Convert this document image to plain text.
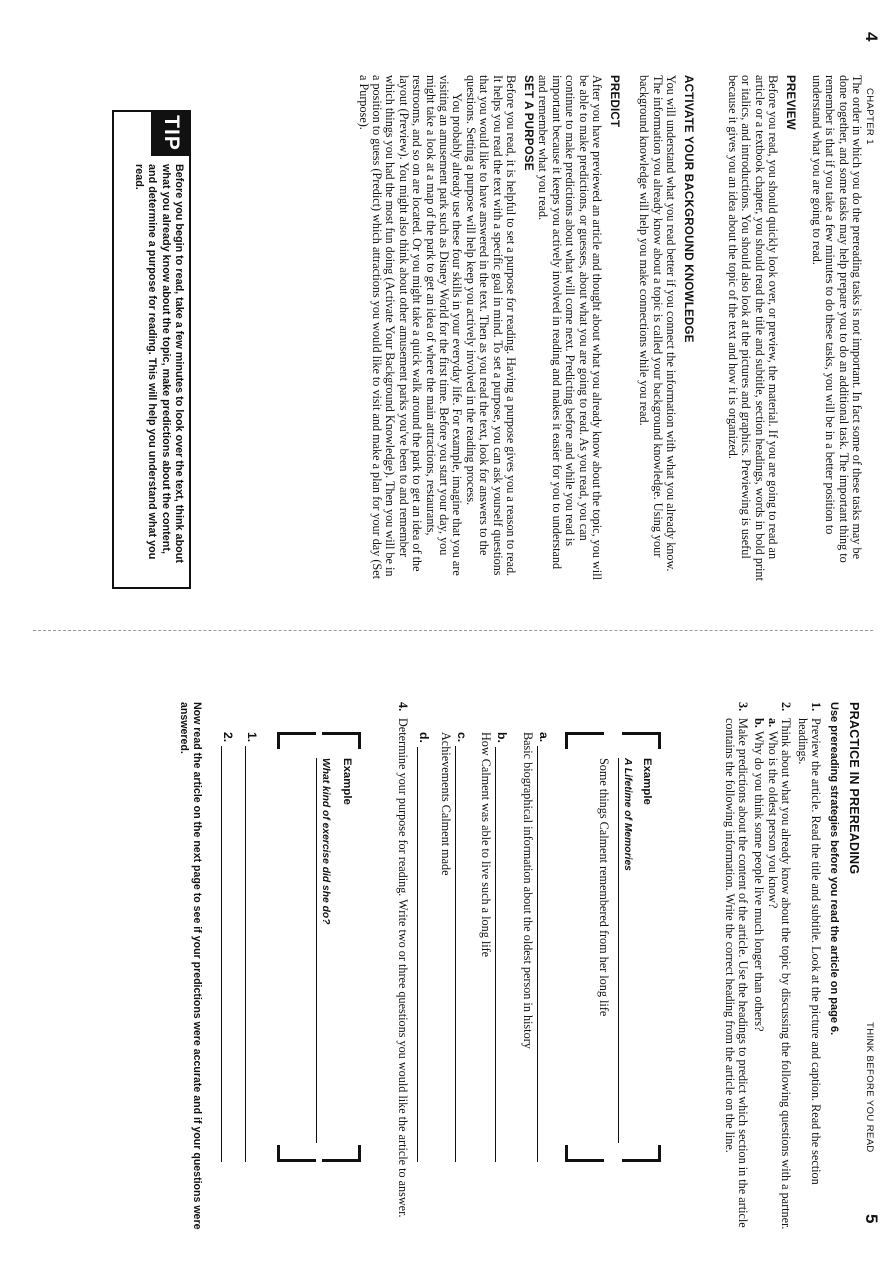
4
CHAPTER 1

The order in which you do the prereading tasks is not important. In fact some of these tasks may be done together, and some tasks may help prepare you to do an additional task. The important thing to remember is that if you take a few minutes to do these tasks, you will be in a better position to understand what you are going to read.

PREVIEW

Before you read, you should quickly look over, or preview, the material. If you are going to read an article or a textbook chapter, you should read the title and subtitle, section headings, words in bold print or italics, and introductions. You should also look at the pictures and graphics. Previewing is useful because it gives you an idea about the topic of the text and how it is organized.

ACTIVATE YOUR BACKGROUND KNOWLEDGE

You will understand what you read better if you connect the information with what you already know. The information you already know about a topic is called your background knowledge. Using your background knowledge will help you make connections while you read.

PREDICT

After you have previewed an article and thought about what you already know about the topic, you will be able to make predictions, or guesses, about what you are going to read. As you read, you can continue to make predictions about what will come next. Predicting before and while you read is important because it keeps you actively involved in reading and makes it easier for you to understand and remember what you read.

SET A PURPOSE

Before you read, it is helpful to set a purpose for reading. Having a purpose gives you a reason to read. It helps you read the text with a specific goal in mind. To set a purpose, you can ask yourself questions that you would like to have answered in the text. Then as you read the text, look for answers to the questions. Setting a purpose will help keep you actively involved in the reading process.

You probably already use these four skills in your everyday life. For example, imagine that you are visiting an amusement park such as Disney World for the first time. Before you start your day, you might take a look at a map of the park to get an idea of where the main attractions, restaurants, restrooms, and so on are located. Or you might take a quick walk around the park to get an idea of the layout (Preview). You might also think about other amusement parks you've been to and remember which things you had the most fun doing (Activate Your Background Knowledge). Then you will be in a position to guess (Predict) which attractions you would like to visit and make a plan for your day (Set a Purpose).

TIP
Before you begin to read, take a few minutes to look over the text, think about what you already know about the topic, make predictions about the content, and determine a purpose for reading. This will help you understand what you read.
THINK BEFORE YOU READ
5
PRACTICE IN PREREADING
Use prereading strategies before you read the article on page 6.
1.
Preview the article. Read the title and subtitle. Look at the picture and caption. Read the section headings.
2.
Think about what you already know about the topic by discussing the following questions with a partner.
a.
Who is the oldest person you know?
b.
Why do you think some people live much longer than others?
3.
Make predictions about the content of the article. Use the headings to predict which section in the article contains the following information. Write the correct heading from the article on the line.
Example
A Lifetime of Memories
Some things Calment remembered from her long life
a.
Basic biographical information about the oldest person in history
b.
How Calment was able to live such a long life
c.
Achievements Calment made
d.
4.
Determine your purpose for reading. Write two or three questions you would like the article to answer.
Example
What kind of exercise did she do?
1.
2.
Now read the article on the next page to see if your predictions were accurate and if your questions were answered.
